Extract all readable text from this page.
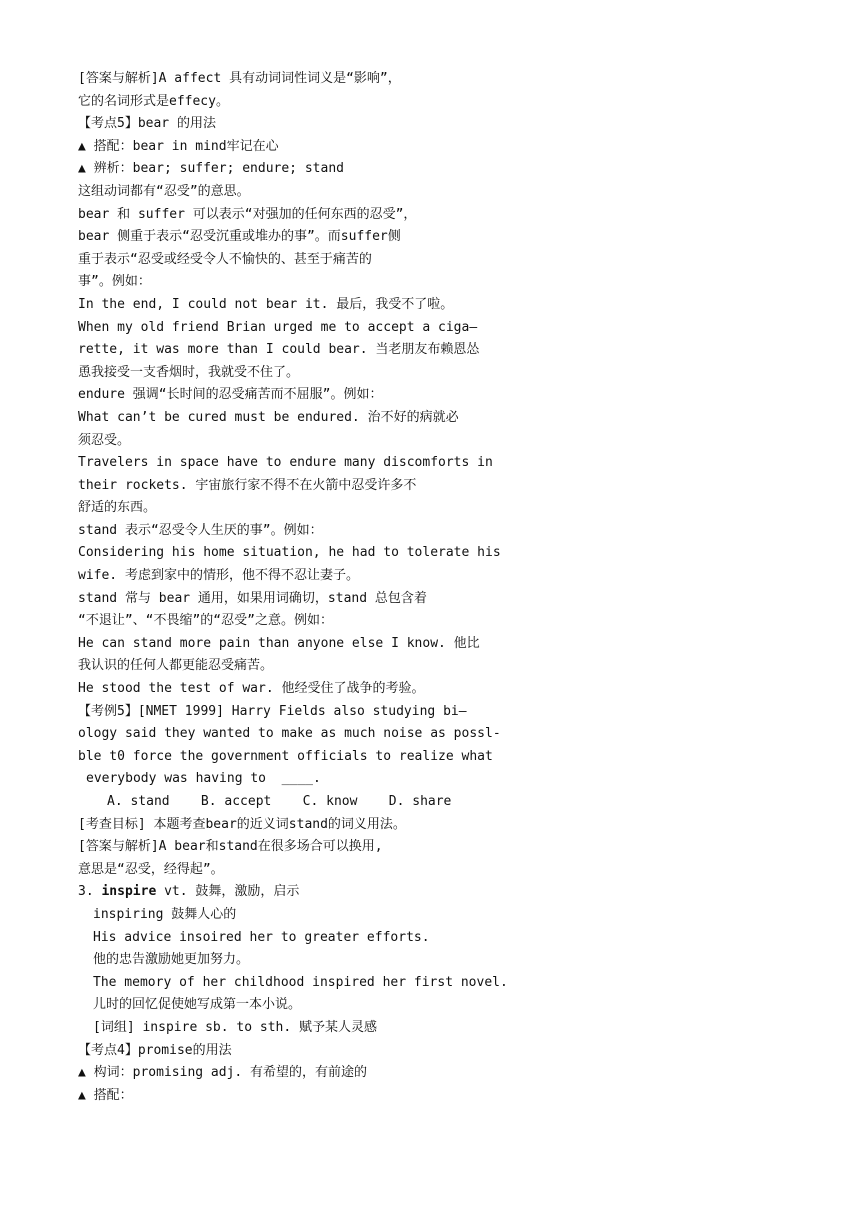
[答案与解析]A affect 具有动词词性词义是“影响”，
它的名词形式是effecy。
【考点5】bear 的用法
▲ 搭配：bear in mind牢记在心
▲ 辨析：bear; suffer; endure; stand
这组动词都有“忍受”的意思。
bear 和 suffer 可以表示“对强加的任何东西的忍受”，
bear 侧重于表示“忍受沉重或堆办的事”。而suffer侧
重于表示“忍受或经受令人不愉快的、甚至于痛苦的
事”。例如：
In the end, I could not bear it. 最后，我受不了啦。
When my old friend Brian urged me to accept a ciga—
rette, it was more than I could bear. 当老朋友布赖恩怂
恿我接受一支香烟时，我就受不住了。
endure 强调“长时间的忍受痛苦而不屈服”。例如：
What can’t be cured must be endured. 治不好的病就必
须忍受。
Travelers in space have to endure many discomforts in
their rockets. 宇宙旅行家不得不在火箭中忍受许多不
舒适的东西。
stand 表示“忍受令人生厌的事”。例如：
Considering his home situation, he had to tolerate his
wife. 考虑到家中的情形，他不得不忍让妻子。
stand 常与 bear 通用，如果用词确切，stand 总包含着
“不退让”、“不畏缩”的“忍受”之意。例如：
He can stand more pain than anyone else I know. 他比
我认识的任何人都更能忍受痛苦。
He stood the test of war. 他经受住了战争的考验。
【考例5】[NMET 1999] Harry Fields also studying bi—
ology said they wanted to make as much noise as possl-
ble t0 force the government officials to realize what
everybody was having to  ____.
A. stand    B. accept    C. know    D. share
[考查目标] 本题考查bear的近义词stand的词义用法。
[答案与解析]A bear和stand在很多场合可以换用,
意思是“忍受，经得起”。
3. inspire vt. 鼓舞，激励，启示
inspiring 鼓舞人心的
His advice insoired her to greater efforts.
他的忠告激励她更加努力。
The memory of her childhood inspired her first novel.
儿时的回忆促使她写成第一本小说。
[词组] inspire sb. to sth. 赋予某人灵感
【考点4】promise的用法
▲ 构词：promising adj. 有希望的，有前途的
▲ 搭配：
